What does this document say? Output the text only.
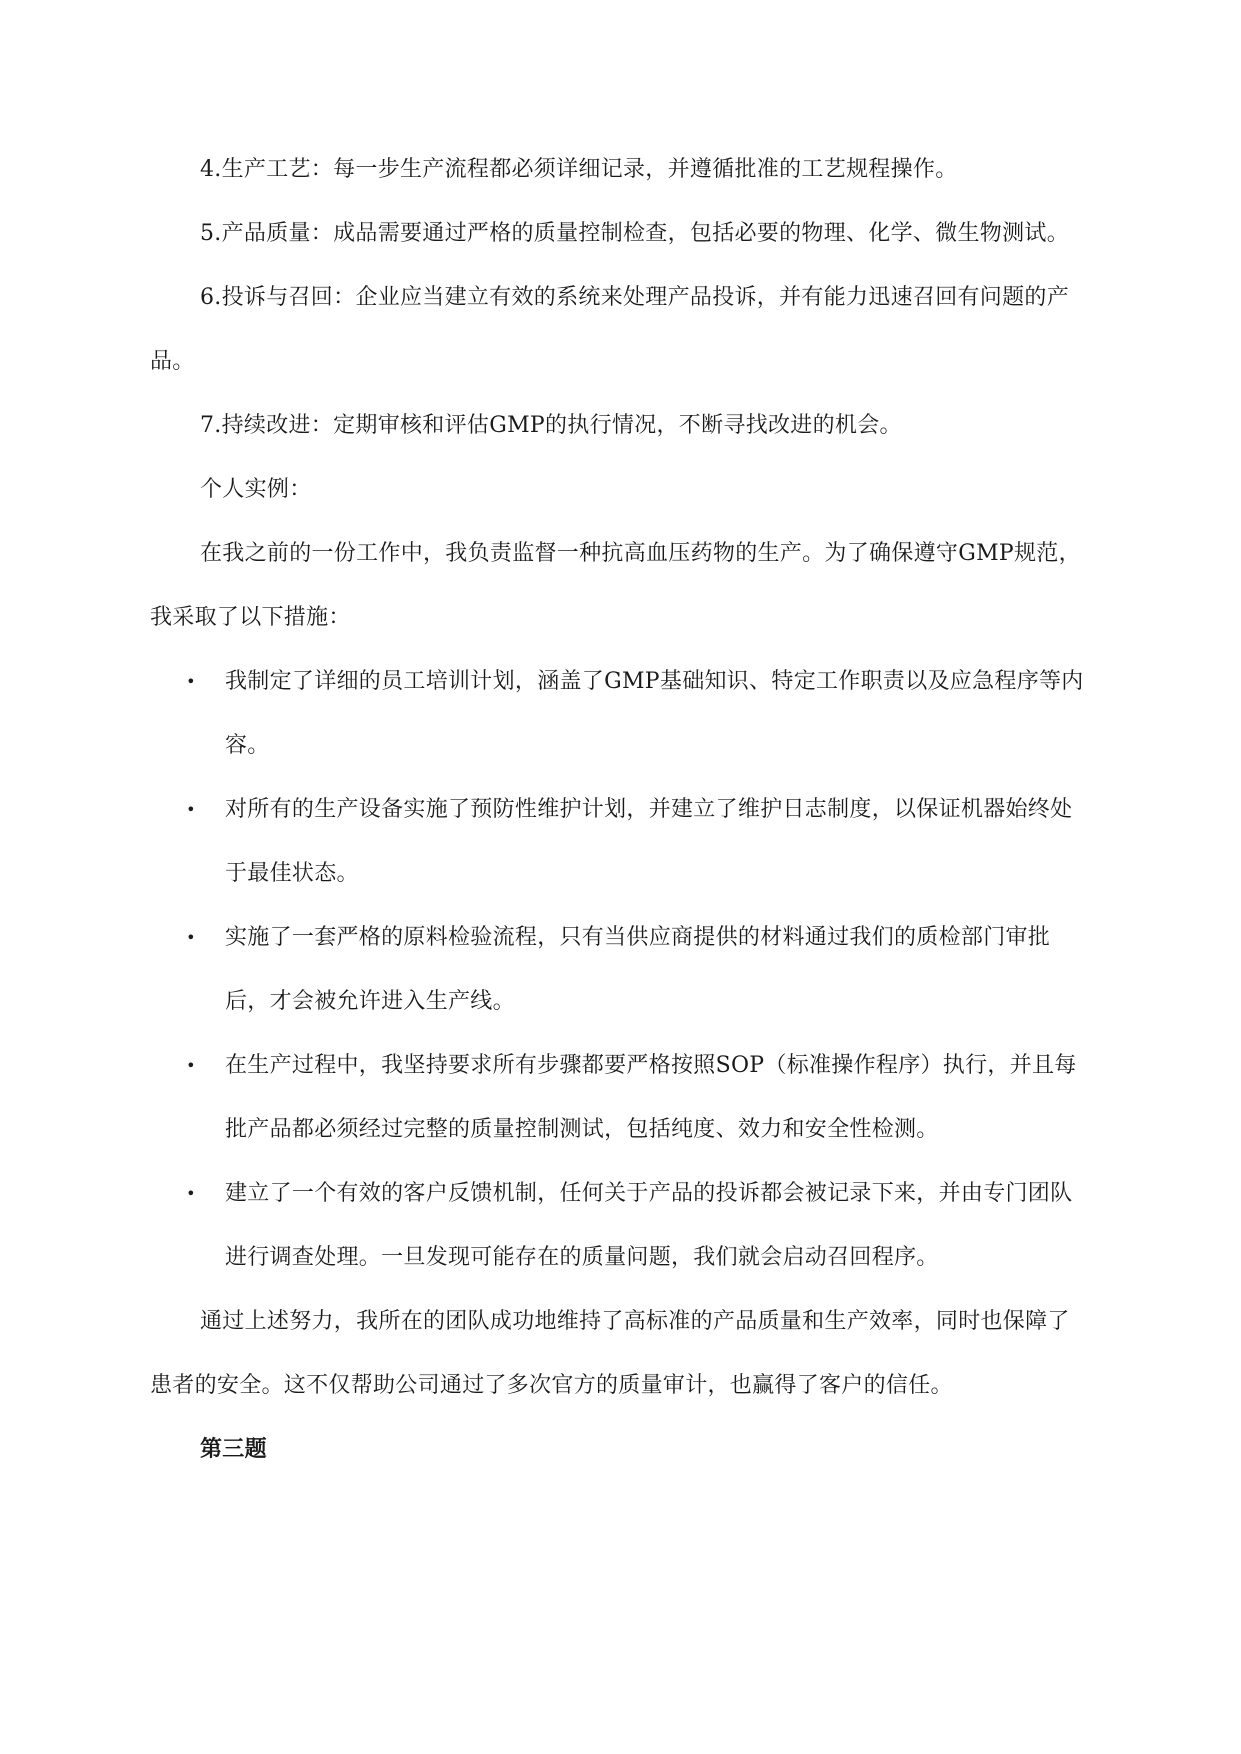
4.生产工艺：每一步生产流程都必须详细记录，并遵循批准的工艺规程操作。

5.产品质量：成品需要通过严格的质量控制检查，包括必要的物理、化学、微生物测试。

6.投诉与召回：企业应当建立有效的系统来处理产品投诉，并有能力迅速召回有问题的产品。

7.持续改进：定期审核和评估GMP的执行情况，不断寻找改进的机会。

个人实例：

在我之前的一份工作中，我负责监督一种抗高血压药物的生产。为了确保遵守GMP规范，我采取了以下措施：

• 我制定了详细的员工培训计划，涵盖了GMP基础知识、特定工作职责以及应急程序等内容。
• 对所有的生产设备实施了预防性维护计划，并建立了维护日志制度，以保证机器始终处于最佳状态。
• 实施了一套严格的原料检验流程，只有当供应商提供的材料通过我们的质检部门审批后，才会被允许进入生产线。
• 在生产过程中，我坚持要求所有步骤都要严格按照SOP（标准操作程序）执行，并且每批产品都必须经过完整的质量控制测试，包括纯度、效力和安全性检测。
• 建立了一个有效的客户反馈机制，任何关于产品的投诉都会被记录下来，并由专门团队进行调查处理。一旦发现可能存在的质量问题，我们就会启动召回程序。

通过上述努力，我所在的团队成功地维持了高标准的产品质量和生产效率，同时也保障了患者的安全。这不仅帮助公司通过了多次官方的质量审计，也赢得了客户的信任。

第三题
